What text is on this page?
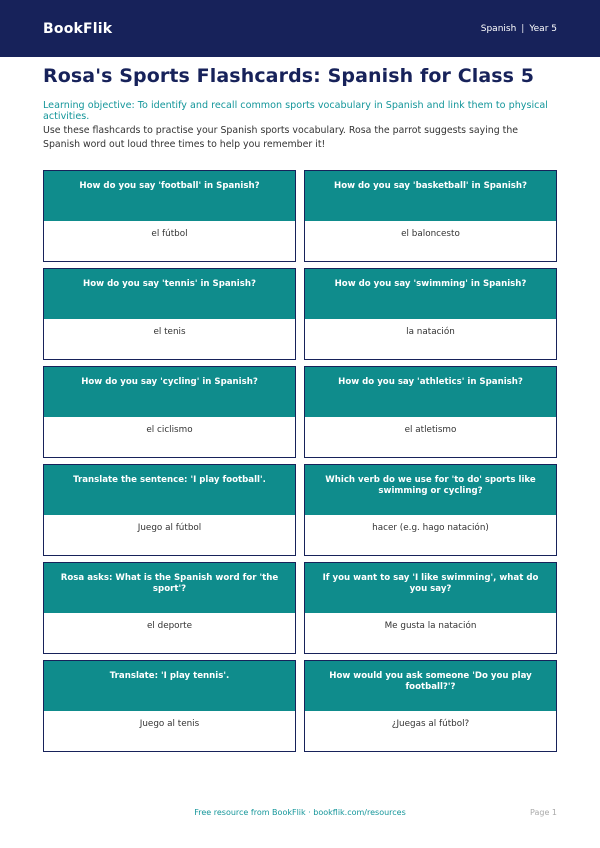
BookFlik	Spanish | Year 5
Rosa's Sports Flashcards: Spanish for Class 5

Learning objective: To identify and recall common sports vocabulary in Spanish and link them to physical activities.

Use these flashcards to practise your Spanish sports vocabulary. Rosa the parrot suggests saying the Spanish word out loud three times to help you remember it!

How do you say 'football' in Spanish?
el fútbol
How do you say 'basketball' in Spanish?
el baloncesto
How do you say 'tennis' in Spanish?
el tenis
How do you say 'swimming' in Spanish?
la natación
How do you say 'cycling' in Spanish?
el ciclismo
How do you say 'athletics' in Spanish?
el atletismo
Translate the sentence: 'I play football'.
Juego al fútbol
Which verb do we use for 'to do' sports like swimming or cycling?
hacer (e.g. hago natación)
Rosa asks: What is the Spanish word for 'the sport'?
el deporte
If you want to say 'I like swimming', what do you say?
Me gusta la natación
Translate: 'I play tennis'.
Juego al tenis
How would you ask someone 'Do you play football?'?
¿Juegas al fútbol?
Free resource from BookFlik · bookflik.com/resources	Page 1
